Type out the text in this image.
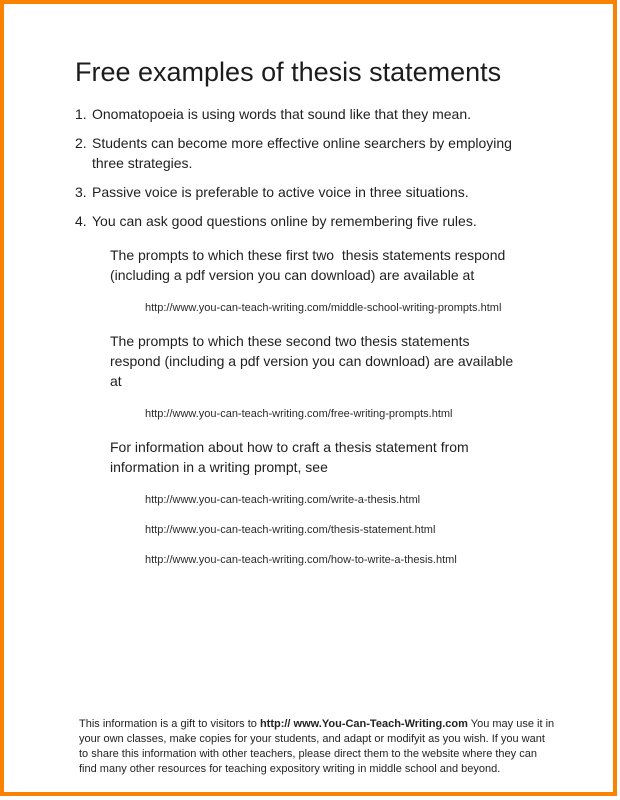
Free examples of thesis statements
1. Onomatopoeia is using words that sound like that they mean.
2. Students can become more effective online searchers by employing three strategies.
3. Passive voice is preferable to active voice in three situations.
4. You can ask good questions online by remembering five rules.

The prompts to which these first two  thesis statements respond (including a pdf version you can download) are available at

http://www.you-can-teach-writing.com/middle-school-writing-prompts.html

The prompts to which these second two thesis statements respond (including a pdf version you can download) are available at

http://www.you-can-teach-writing.com/free-writing-prompts.html

For information about how to craft a thesis statement from information in a writing prompt, see

http://www.you-can-teach-writing.com/write-a-thesis.html

http://www.you-can-teach-writing.com/thesis-statement.html

http://www.you-can-teach-writing.com/how-to-write-a-thesis.html

This information is a gift to visitors to http:// www.You-Can-Teach-Writing.com You may use it in your own classes, make copies for your students, and adapt or modifyit as you wish. If you want to share this information with other teachers, please direct them to the website where they can find many other resources for teaching expository writing in middle school and beyond.
